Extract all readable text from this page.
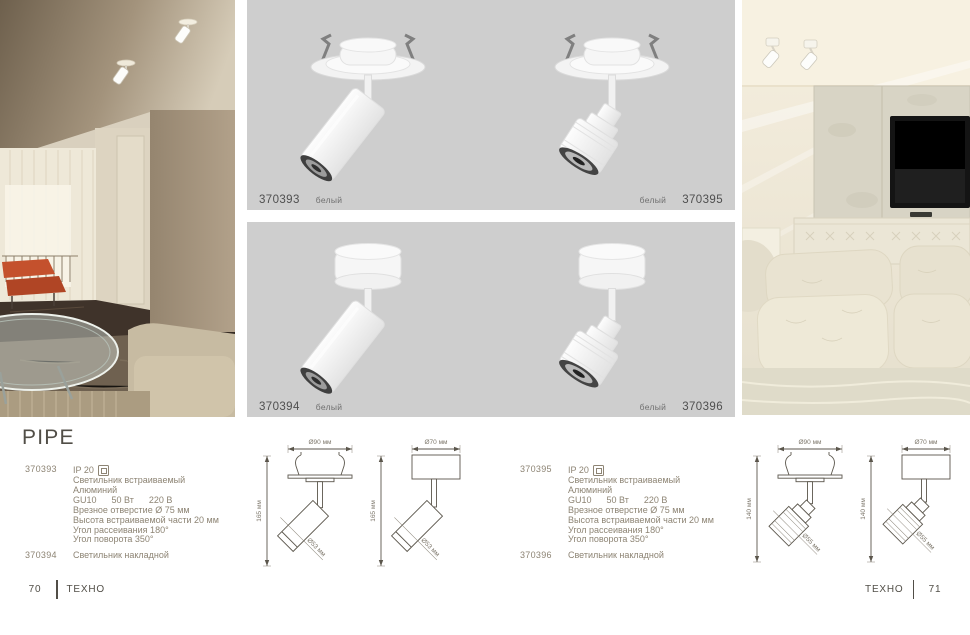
370393 белый	белый 370395
370394 белый	белый 370396
PIPE
370393	IP 20
Светильник встраиваемый
Алюминий
GU10      50 Вт      220 В
Врезное отверстие Ø 75 мм
Высота встраиваемой части 20 мм
Угол рассеивания 180°
Угол поворота 350°
370394	Светильник накладной
370395	IP 20
Светильник встраиваемый
Алюминий
GU10      50 Вт      220 В
Врезное отверстие Ø 75 мм
Высота встраиваемой части 20 мм
Угол рассеивания 180°
Угол поворота 350°
370396	Светильник накладной
Ø90 мм
165 мм
Ø53 мм
Ø70 мм
165 мм
Ø53 мм
Ø90 мм
140 мм
Ø55 мм
Ø70 мм
140 мм
Ø55 мм
70	ТЕХНО	ТЕХНО	71
